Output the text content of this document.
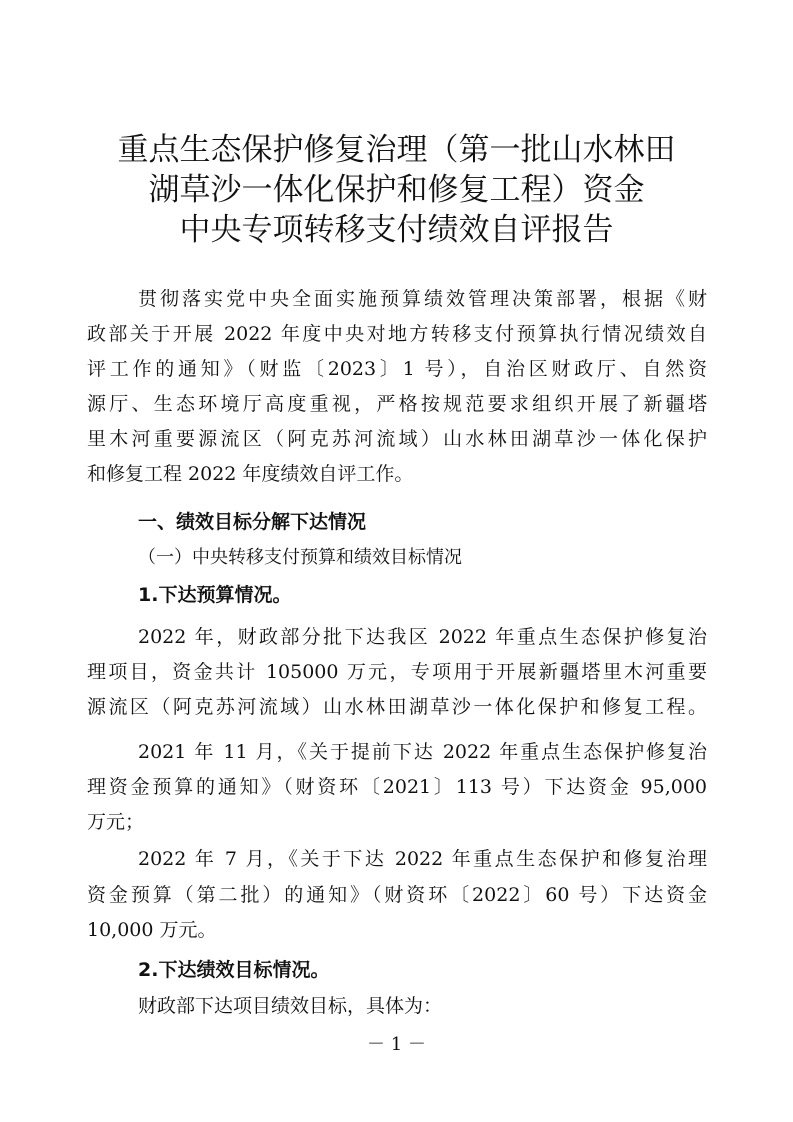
重点生态保护修复治理（第一批山水林田
湖草沙一体化保护和修复工程）资金
中央专项转移支付绩效自评报告
贯彻落实党中央全面实施预算绩效管理决策部署，根据《财
政部关于开展 2022 年度中央对地方转移支付预算执行情况绩效自
评工作的通知》（财监〔2023〕1 号），自治区财政厅、自然资
源厅、生态环境厅高度重视，严格按规范要求组织开展了新疆塔
里木河重要源流区（阿克苏河流域）山水林田湖草沙一体化保护
和修复工程 2022 年度绩效自评工作。
一、绩效目标分解下达情况
（一）中央转移支付预算和绩效目标情况
1.下达预算情况。
2022 年，财政部分批下达我区 2022 年重点生态保护修复治
理项目，资金共计 105000 万元，专项用于开展新疆塔里木河重要
源流区（阿克苏河流域）山水林田湖草沙一体化保护和修复工程。
2021 年 11 月，《关于提前下达 2022 年重点生态保护修复治
理资金预算的通知》（财资环〔2021〕113 号）下达资金 95,000
万元；
2022 年 7 月，《关于下达 2022 年重点生态保护和修复治理
资金预算（第二批）的通知》（财资环〔2022〕60 号）下达资金
10,000 万元。
2.下达绩效目标情况。
财政部下达项目绩效目标，具体为：
－ 1 －
